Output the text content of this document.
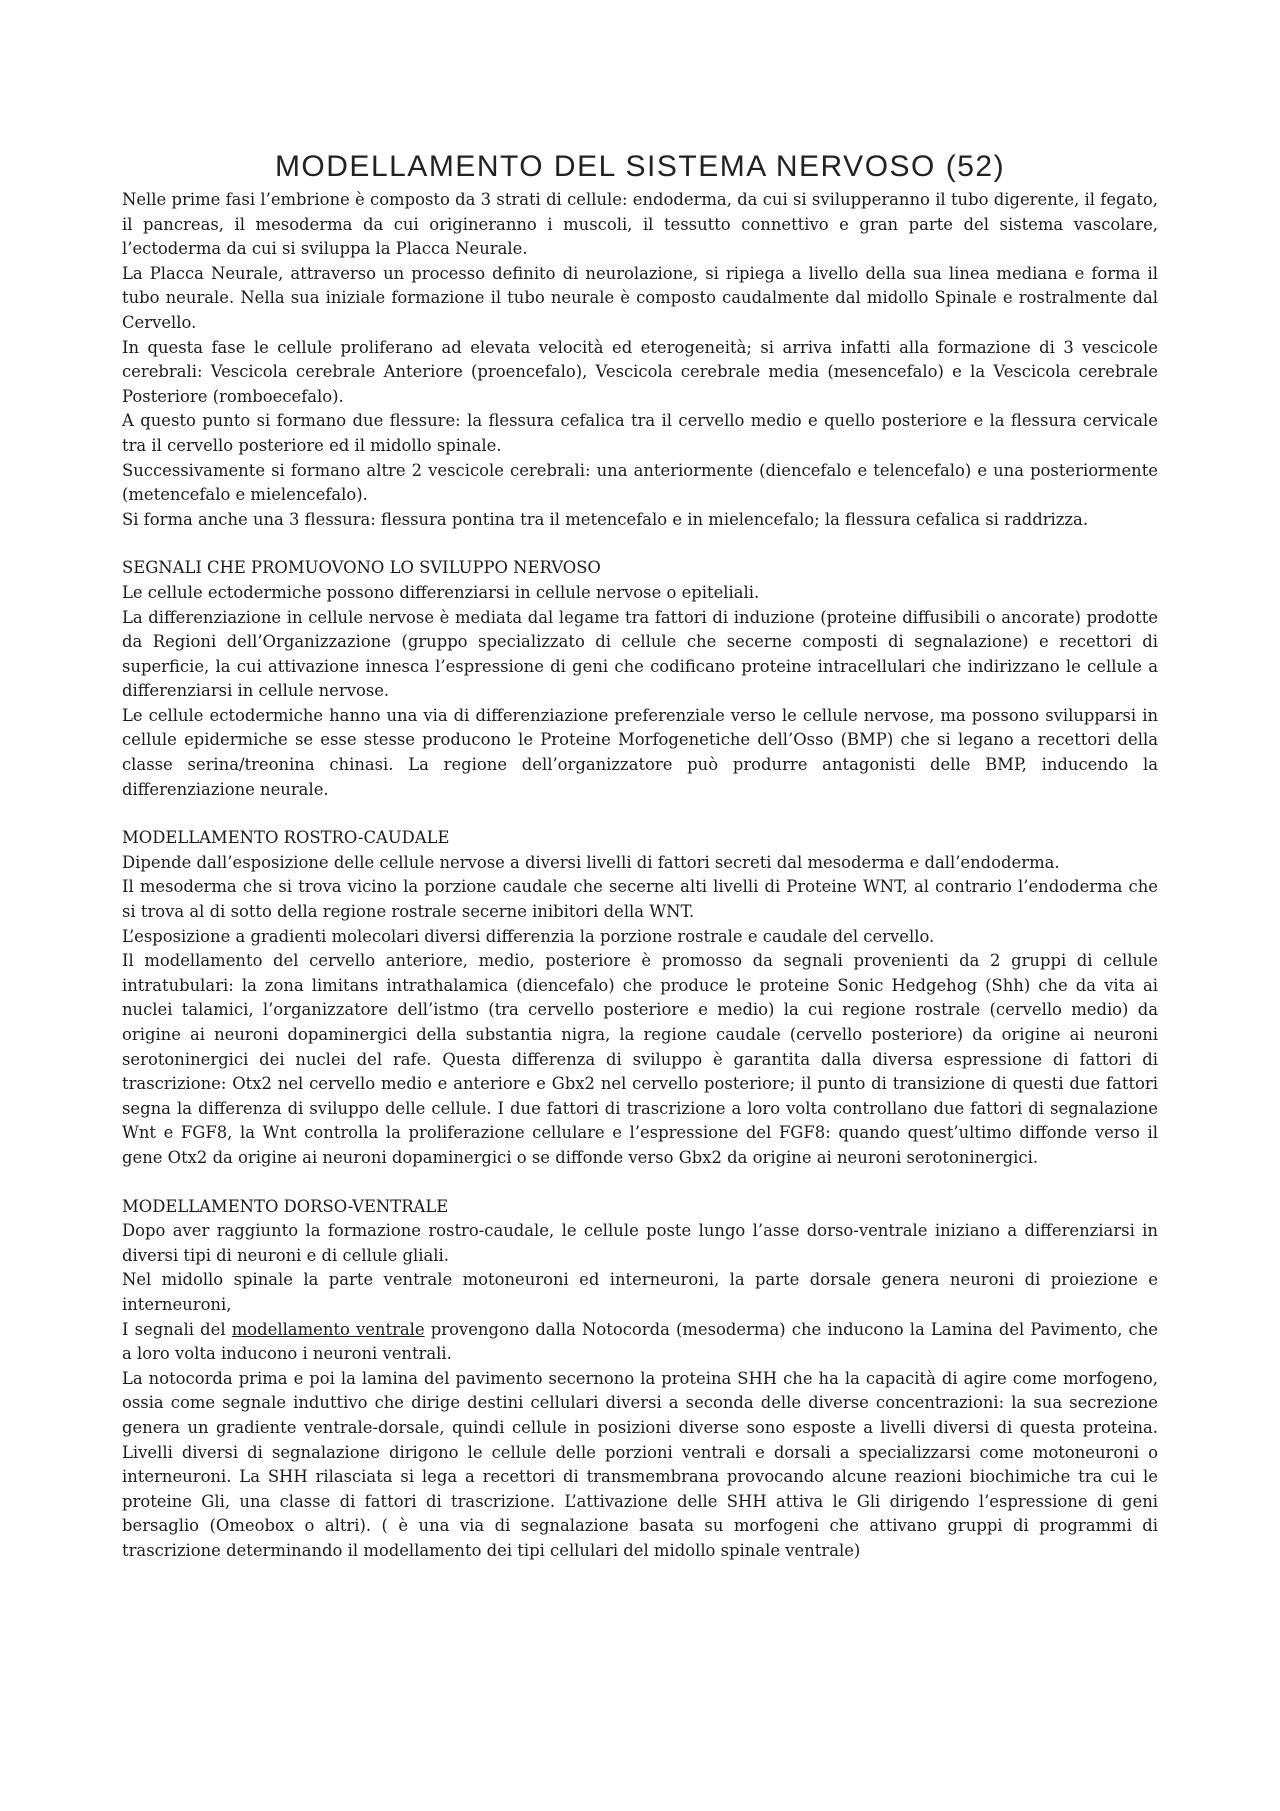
MODELLAMENTO DEL SISTEMA NERVOSO (52)

Nelle prime fasi l’embrione è composto da 3 strati di cellule: endoderma, da cui si svilupperanno il tubo digerente, il fegato, il pancreas, il mesoderma da cui origineranno i muscoli, il tessutto connettivo e gran parte del sistema vascolare, l’ectoderma da cui si sviluppa la Placca Neurale.

La Placca Neurale, attraverso un processo definito di neurolazione, si ripiega a livello della sua linea mediana e forma il tubo neurale. Nella sua iniziale formazione il tubo neurale è composto caudalmente dal midollo Spinale e rostralmente dal Cervello.

In questa fase le cellule proliferano ad elevata velocità ed eterogeneità; si arriva infatti alla formazione di 3 vescicole cerebrali: Vescicola cerebrale Anteriore (proencefalo), Vescicola cerebrale media (mesencefalo) e la Vescicola cerebrale Posteriore (romboecefalo).

A questo punto si formano due flessure: la flessura cefalica tra il cervello medio e quello posteriore e la flessura cervicale tra il cervello posteriore ed il midollo spinale.

Successivamente si formano altre 2 vescicole cerebrali: una anteriormente (diencefalo e telencefalo) e una posteriormente (metencefalo e mielencefalo).

Si forma anche una 3 flessura: flessura pontina tra il metencefalo e in mielencefalo; la flessura cefalica si raddrizza.

SEGNALI CHE PROMUOVONO LO SVILUPPO NERVOSO

Le cellule ectodermiche possono differenziarsi in cellule nervose o epiteliali.

La differenziazione in cellule nervose è mediata dal legame tra fattori di induzione (proteine diffusibili o ancorate) prodotte da Regioni dell’Organizzazione (gruppo specializzato di cellule che secerne composti di segnalazione) e recettori di superficie, la cui attivazione innesca l’espressione di geni che codificano proteine intracellulari che indirizzano le cellule a differenziarsi in cellule nervose.

Le cellule ectodermiche hanno una via di differenziazione preferenziale verso le cellule nervose, ma possono svilupparsi in cellule epidermiche se esse stesse producono le Proteine Morfogenetiche dell’Osso (BMP) che si legano a recettori della classe serina/treonina chinasi. La regione dell’organizzatore può produrre antagonisti delle BMP, inducendo la differenziazione neurale.

MODELLAMENTO ROSTRO-CAUDALE

Dipende dall’esposizione delle cellule nervose a diversi livelli di fattori secreti dal mesoderma e dall’endoderma.

Il mesoderma che si trova vicino la porzione caudale che secerne alti livelli di Proteine WNT, al contrario l’endoderma che si trova al di sotto della regione rostrale secerne inibitori della WNT.

L’esposizione a gradienti molecolari diversi differenzia la porzione rostrale e caudale del cervello.

Il modellamento del cervello anteriore, medio, posteriore è promosso da segnali provenienti da 2 gruppi di cellule intratubulari: la zona limitans intrathalamica (diencefalo) che produce le proteine Sonic Hedgehog (Shh) che da vita ai nuclei talamici, l’organizzatore dell’istmo (tra cervello posteriore e medio) la cui regione rostrale (cervello medio) da origine ai neuroni dopaminergici della substantia nigra, la regione caudale (cervello posteriore) da origine ai neuroni serotoninergici dei nuclei del rafe. Questa differenza di sviluppo è garantita dalla diversa espressione di fattori di trascrizione: Otx2 nel cervello medio e anteriore e Gbx2 nel cervello posteriore; il punto di transizione di questi due fattori segna la differenza di sviluppo delle cellule. I due fattori di trascrizione a loro volta controllano due fattori di segnalazione Wnt e FGF8, la Wnt controlla la proliferazione cellulare e l’espressione del FGF8: quando quest’ultimo diffonde verso il gene Otx2 da origine ai neuroni dopaminergici o se diffonde verso Gbx2 da origine ai neuroni serotoninergici.

MODELLAMENTO DORSO-VENTRALE

Dopo aver raggiunto la formazione rostro-caudale, le cellule poste lungo l’asse dorso-ventrale iniziano a differenziarsi in diversi tipi di neuroni e di cellule gliali.

Nel midollo spinale la parte ventrale motoneuroni ed interneuroni, la parte dorsale genera neuroni di proiezione e interneuroni,

I segnali del modellamento ventrale provengono dalla Notocorda (mesoderma) che inducono la Lamina del Pavimento, che a loro volta inducono i neuroni ventrali.

La notocorda prima e poi la lamina del pavimento secernono la proteina SHH che ha la capacità di agire come morfogeno, ossia come segnale induttivo che dirige destini cellulari diversi a seconda delle diverse concentrazioni: la sua secrezione genera un gradiente ventrale-dorsale, quindi cellule in posizioni diverse sono esposte a livelli diversi di questa proteina. Livelli diversi di segnalazione dirigono le cellule delle porzioni ventrali e dorsali a specializzarsi come motoneuroni o interneuroni. La SHH rilasciata si lega a recettori di transmembrana provocando alcune reazioni biochimiche tra cui le proteine Gli, una classe di fattori di trascrizione. L’attivazione delle SHH attiva le Gli dirigendo l’espressione di geni bersaglio (Omeobox o altri). ( è una via di segnalazione basata su morfogeni che attivano gruppi di programmi di trascrizione determinando il modellamento dei tipi cellulari del midollo spinale ventrale)
